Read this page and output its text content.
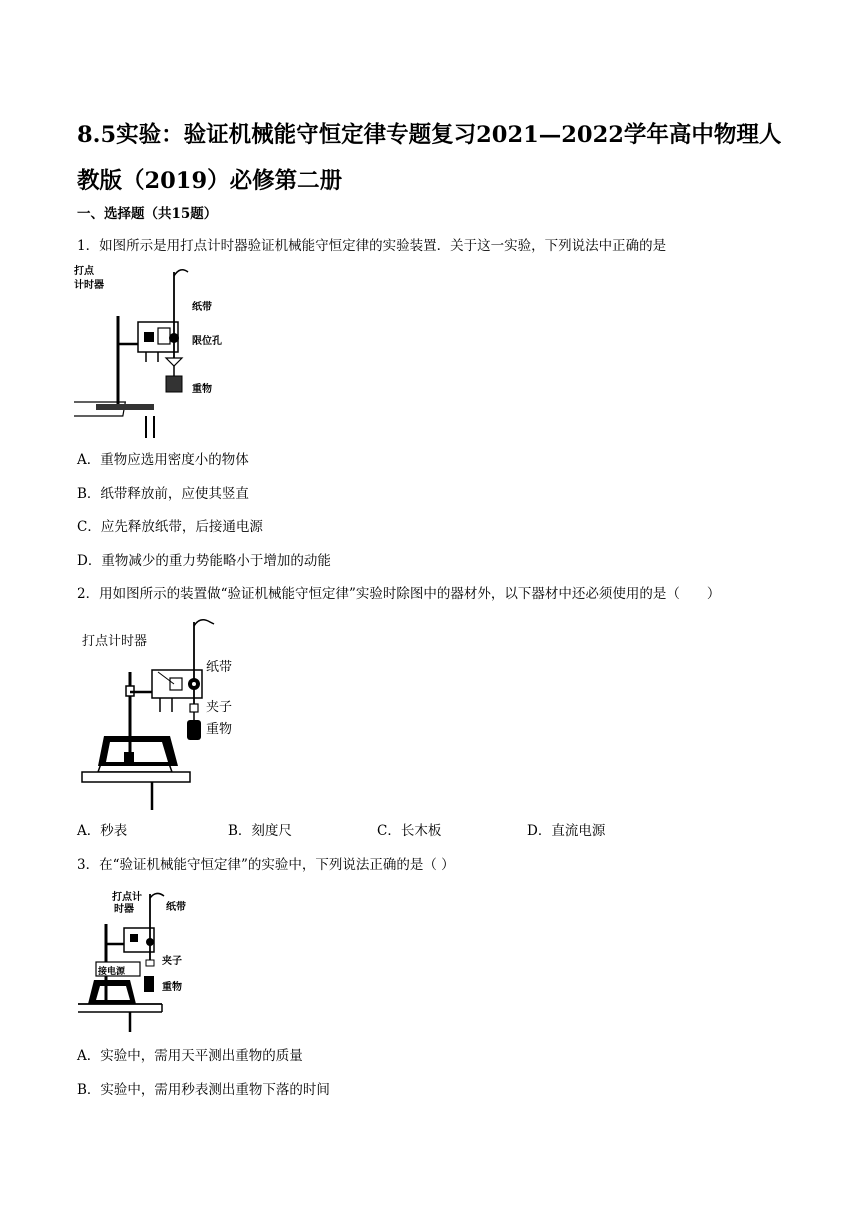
8.5实验：验证机械能守恒定律专题复习2021—2022学年高中物理人教版（2019）必修第二册
一、选择题（共15题）
1．如图所示是用打点计时器验证机械能守恒定律的实验装置．关于这一实验，下列说法中正确的是
打点
计时器
纸带
限位孔
重物
A．重物应选用密度小的物体
B．纸带释放前，应使其竖直
C．应先释放纸带，后接通电源
D．重物减少的重力势能略小于增加的动能
2．用如图所示的装置做“验证机械能守恒定律”实验时除图中的器材外，以下器材中还必须使用的是（　　）
打点计时器
纸带
夹子
重物
A．秒表	B．刻度尺	C．长木板	D．直流电源
3．在“验证机械能守恒定律”的实验中，下列说法正确的是（ ）
打点计
时器	纸带
夹子
接电源
重物
A．实验中，需用天平测出重物的质量
B．实验中，需用秒表测出重物下落的时间
